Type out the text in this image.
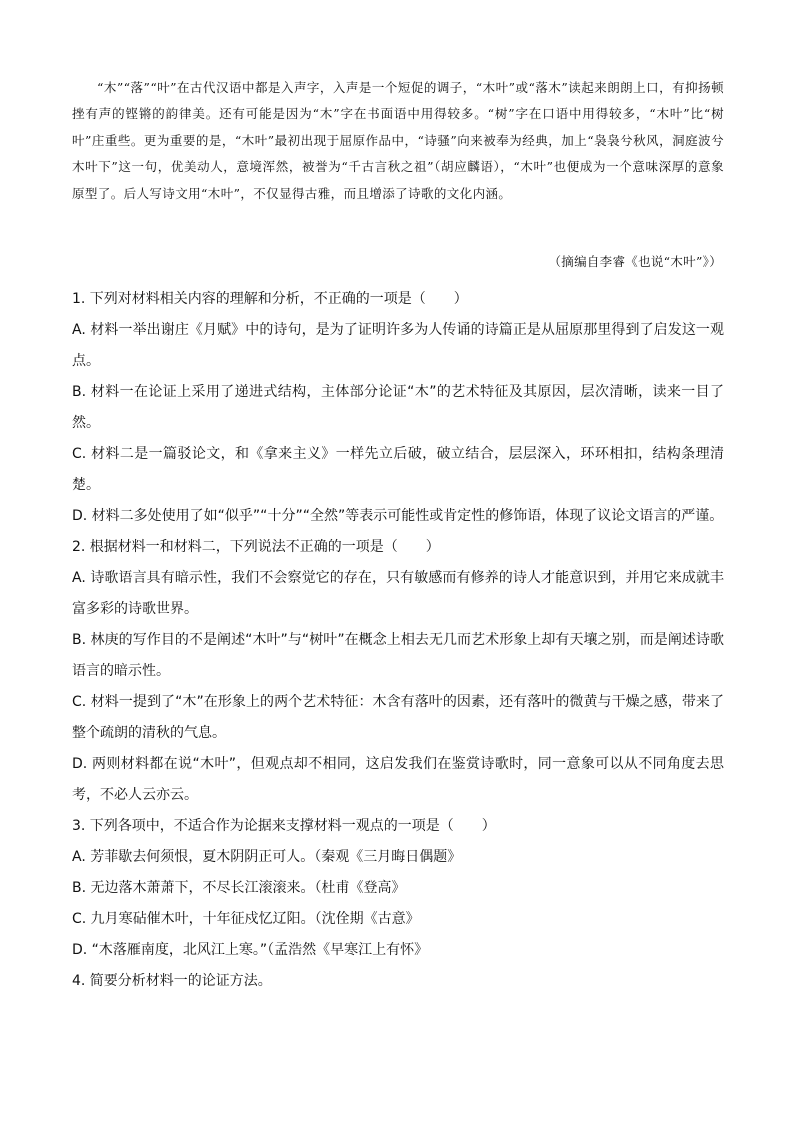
“木”“落”“叶”在古代汉语中都是入声字，入声是一个短促的调子，“木叶”或“落木”读起来朗朗上口，有抑扬顿挫有声的铿锵的韵律美。还有可能是因为“木”字在书面语中用得较多。“树”字在口语中用得较多，“木叶”比“树叶”庄重些。更为重要的是，“木叶”最初出现于屈原作品中，“诗骚”向来被奉为经典，加上“袅袅兮秋风，洞庭波兮木叶下”这一句，优美动人，意境浑然，被誉为“千古言秋之祖”（胡应麟语），“木叶”也便成为一个意味深厚的意象原型了。后人写诗文用“木叶”，不仅显得古雅，而且增添了诗歌的文化内涵。

（摘编自李睿《也说“木叶”》）

1. 下列对材料相关内容的理解和分析，不正确的一项是（　　）

A. 材料一举出谢庄《月赋》中的诗句，是为了证明许多为人传诵的诗篇正是从屈原那里得到了启发这一观点。

B. 材料一在论证上采用了递进式结构，主体部分论证“木”的艺术特征及其原因，层次清晰，读来一目了然。

C. 材料二是一篇驳论文，和《拿来主义》一样先立后破，破立结合，层层深入，环环相扣，结构条理清楚。

D. 材料二多处使用了如“似乎”“十分”“全然”等表示可能性或肯定性的修饰语，体现了议论文语言的严谨。

2. 根据材料一和材料二，下列说法不正确的一项是（　　）

A. 诗歌语言具有暗示性，我们不会察觉它的存在，只有敏感而有修养的诗人才能意识到，并用它来成就丰富多彩的诗歌世界。

B. 林庚的写作目的不是阐述“木叶”与“树叶”在概念上相去无几而艺术形象上却有天壤之别，而是阐述诗歌语言的暗示性。

C. 材料一提到了“木”在形象上的两个艺术特征：木含有落叶的因素，还有落叶的微黄与干燥之感，带来了整个疏朗的清秋的气息。

D. 两则材料都在说“木叶”，但观点却不相同，这启发我们在鉴赏诗歌时，同一意象可以从不同角度去思考，不必人云亦云。

3. 下列各项中，不适合作为论据来支撑材料一观点的一项是（　　）

A. 芳菲歇去何须恨，夏木阴阴正可人。（秦观《三月晦日偶题》

B. 无边落木萧萧下，不尽长江滚滚来。（杜甫《登高》

C. 九月寒砧催木叶，十年征戍忆辽阳。（沈佺期《古意》

D. “木落雁南度，北风江上寒。”（孟浩然《早寒江上有怀》

4. 简要分析材料一的论证方法。
